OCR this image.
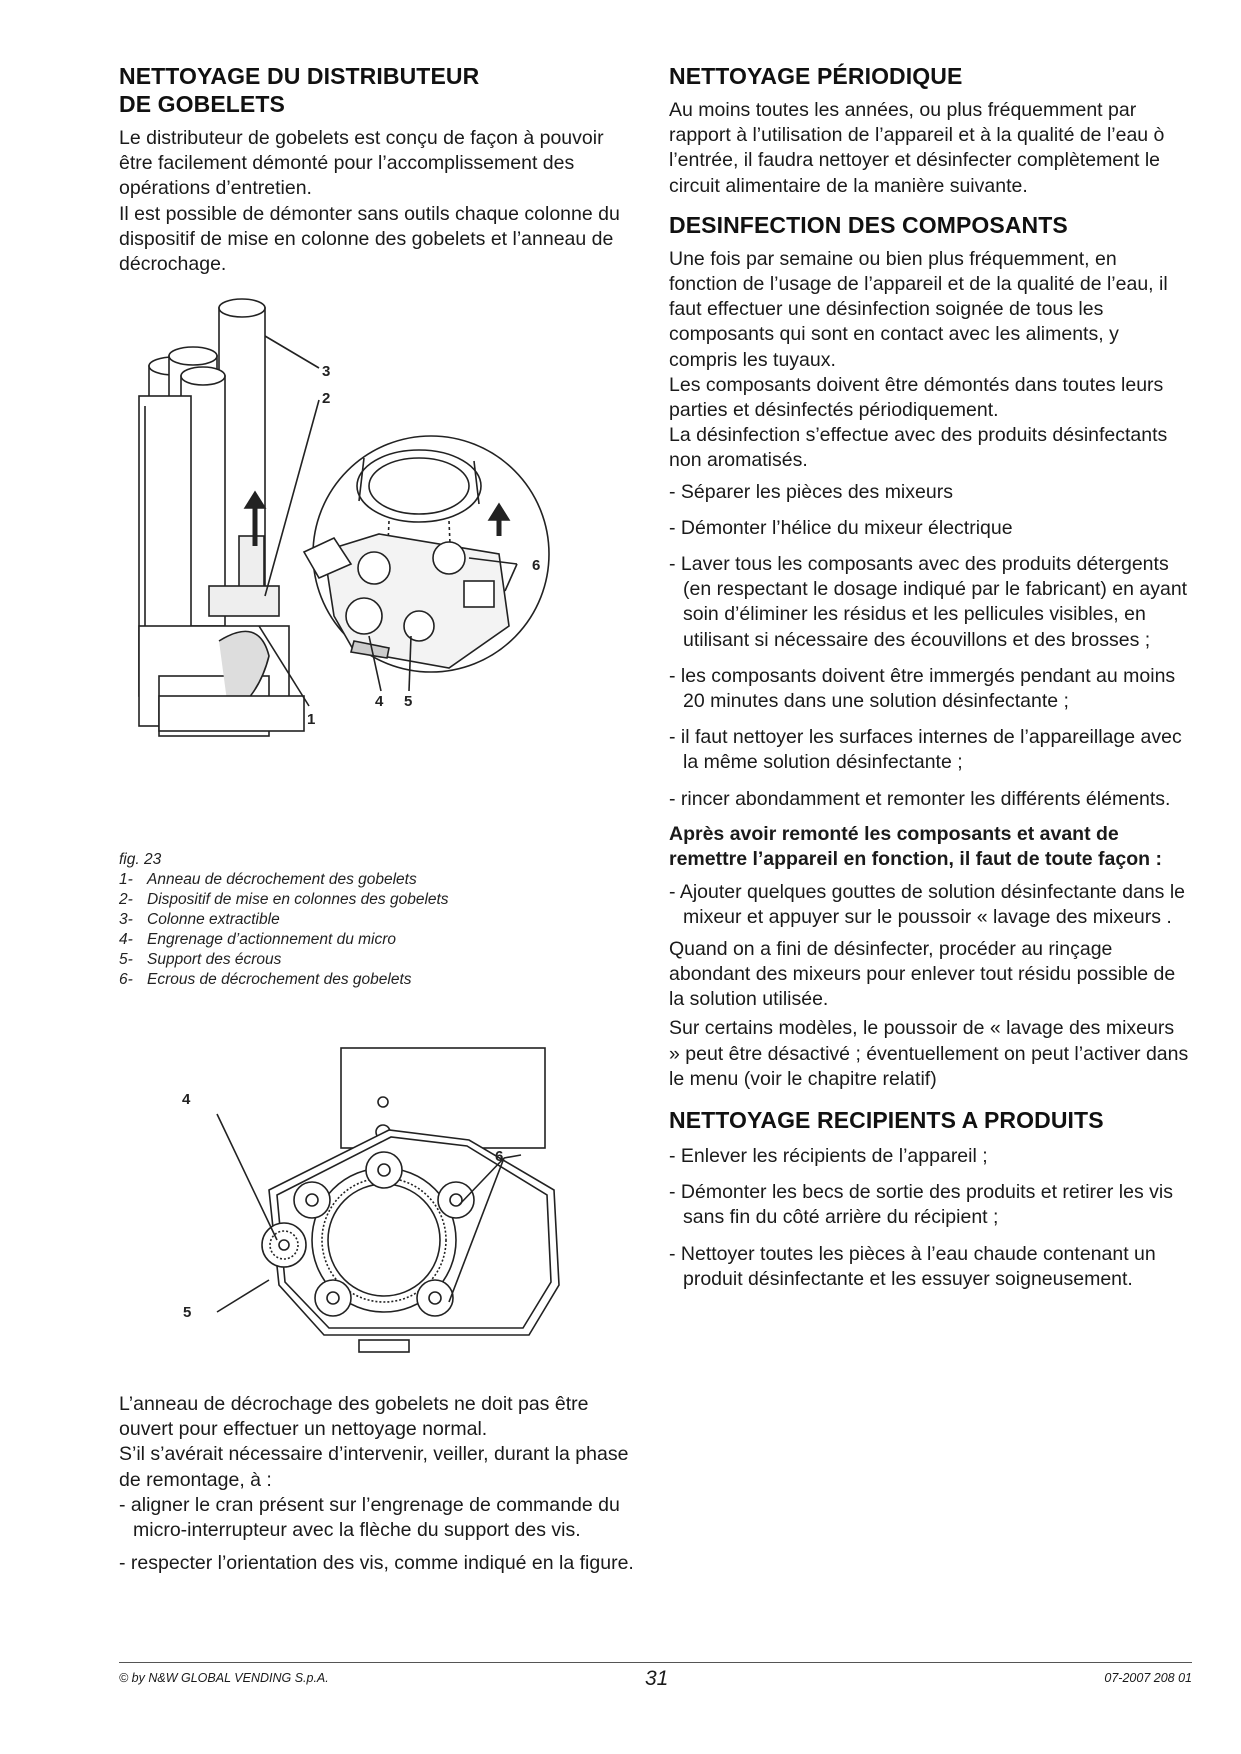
NETTOYAGE DU DISTRIBUTEUR
DE GOBELETS

Le distributeur de gobelets est conçu de façon à pouvoir être facilement démonté pour l’accomplissement des opérations d’entretien.

Il est possible de démonter sans outils chaque colonne du dispositif de mise en colonne des gobelets et l’anneau de décrochage.

3
2
6
4 5
1
fig. 23
1- Anneau de décrochement des gobelets
2- Dispositif de mise en colonnes des gobelets
3- Colonne extractible
4- Engrenage d’actionnement du micro
5- Support des écrous
6- Ecrous de décrochement des gobelets
4
6
5

L’anneau de décrochage des gobelets ne doit pas être ouvert pour effectuer un nettoyage normal.

S’il s’avérait nécessaire d’intervenir, veiller, durant la phase de remontage, à :

- aligner le cran présent sur l’engrenage de commande du micro-interrupteur avec la flèche du support des vis.
- respecter l’orientation des vis, comme indiqué en la figure.
NETTOYAGE PÉRIODIQUE

Au moins toutes les années, ou plus fréquemment par rapport à l’utilisation de l’appareil et à la qualité de l’eau ò l’entrée, il faudra nettoyer et désinfecter complètement le circuit alimentaire de la manière suivante.

DESINFECTION DES COMPOSANTS

Une fois par semaine ou bien plus fréquemment, en fonction de l’usage de l’appareil et de la qualité de l’eau, il faut effectuer une désinfection soignée de tous les composants qui sont en contact avec les aliments, y compris les tuyaux.

Les composants doivent être démontés dans toutes leurs parties et désinfectés périodiquement.

La désinfection s’effectue avec des produits désinfectants non aromatisés.

- Séparer les pièces des mixeurs
- Démonter l’hélice du mixeur électrique
- Laver tous les composants avec des produits détergents (en respectant le dosage indiqué par le fabricant) en ayant soin d’éliminer les résidus et les pellicules visibles, en utilisant si nécessaire des écouvillons et des brosses ;
- les composants doivent être immergés pendant au moins 20 minutes dans une solution désinfectante ;
- il faut nettoyer les surfaces internes de l’appareillage avec la même solution désinfectante ;
- rincer abondamment et remonter les différents éléments.

Après avoir remonté les composants et avant de remettre l’appareil en fonction, il faut de toute façon :

- Ajouter quelques gouttes de solution désinfectante dans le mixeur et appuyer sur le poussoir « lavage des mixeurs .

Quand on a fini de désinfecter, procéder au rinçage abondant des mixeurs pour enlever tout résidu possible de la solution utilisée.

Sur certains modèles, le poussoir de « lavage des mixeurs » peut être désactivé ; éventuellement on peut l’activer dans le menu (voir le chapitre relatif)

NETTOYAGE RECIPIENTS A PRODUITS
- Enlever les récipients de l’appareil ;
- Démonter les becs de sortie des produits et retirer les vis sans fin du côté arrière du récipient ;
- Nettoyer toutes les pièces à l’eau chaude contenant un produit désinfectante et les essuyer soigneusement.
© by N&W GLOBAL VENDING S.p.A.	31	07-2007 208 01
